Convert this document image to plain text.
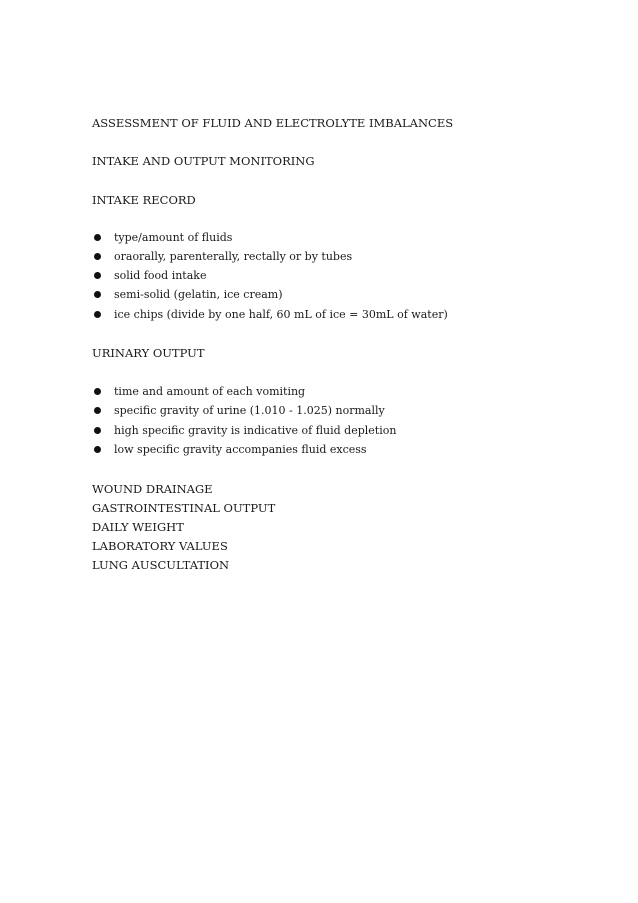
ASSESSMENT OF FLUID AND ELECTROLYTE IMBALANCES
INTAKE AND OUTPUT MONITORING
INTAKE RECORD
type/amount of fluids
oraorally, parenterally, rectally or by tubes
solid food intake
semi-solid (gelatin, ice cream)
ice chips (divide by one half, 60 mL of ice = 30mL of water)
URINARY OUTPUT
time and amount of each vomiting
specific gravity of urine (1.010 - 1.025) normally
high specific gravity is indicative of fluid depletion
low specific gravity accompanies fluid excess
WOUND DRAINAGE
GASTROINTESTINAL OUTPUT
DAILY WEIGHT
LABORATORY VALUES
LUNG AUSCULTATION
